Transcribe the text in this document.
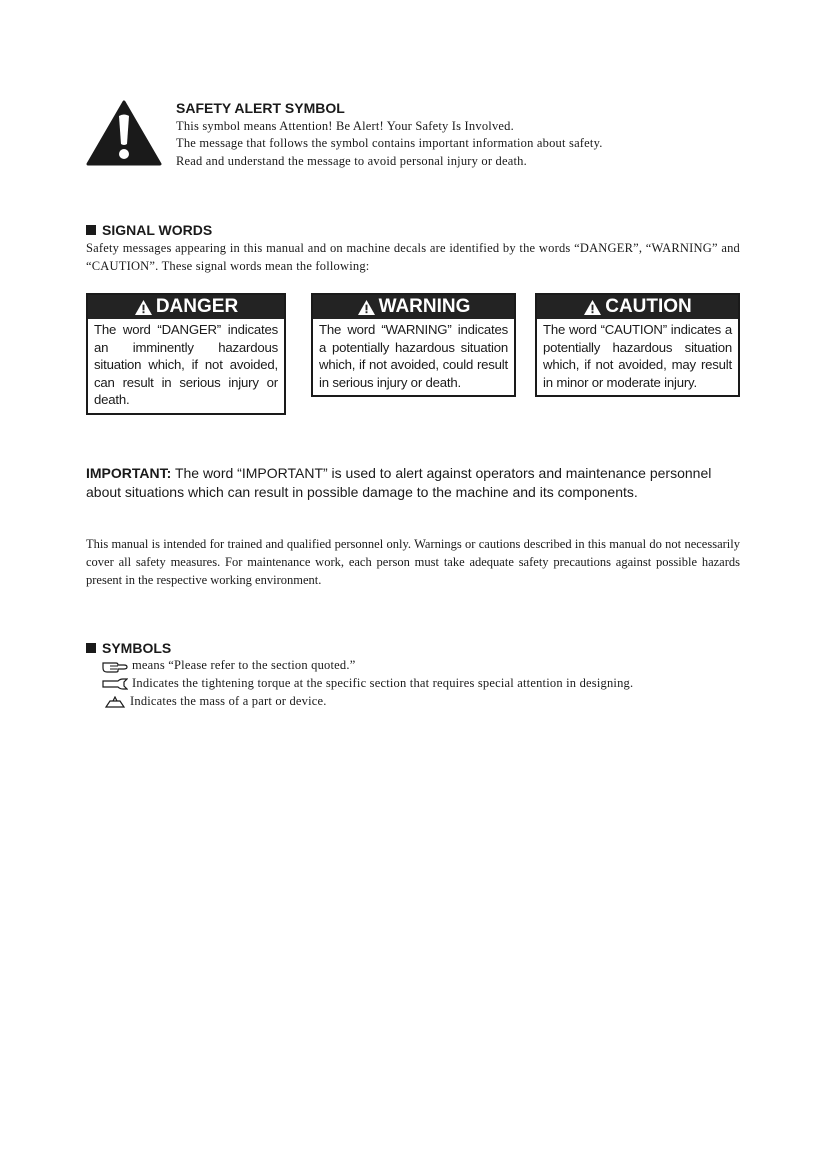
SAFETY ALERT SYMBOL
This symbol means Attention! Be Alert! Your Safety Is Involved.
The message that follows the symbol contains important information about safety.
Read and understand the message to avoid personal injury or death.
SIGNAL WORDS
Safety messages appearing in this manual and on machine decals are identified by the words “DANGER”, “WARNING” and “CAUTION”. These signal words mean the following:
DANGER
The word “DANGER” indicates an imminently hazardous situation which, if not avoided, can result in serious injury or death.
WARNING
The word “WARNING” indicates a potentially hazardous situation which, if not avoided, could result in serious injury or death.
CAUTION
The word “CAUTION” indicates a potentially hazardous situation which, if not avoided, may result in minor or moderate injury.
IMPORTANT: The word “IMPORTANT” is used to alert against operators and maintenance personnel about situations which can result in possible damage to the machine and its components.
This manual is intended for trained and qualified personnel only. Warnings or cautions described in this manual do not necessarily cover all safety measures. For maintenance work, each person must take adequate safety precautions against possible hazards present in the respective working environment.
SYMBOLS
means “Please refer to the section quoted.”
Indicates the tightening torque at the specific section that requires special attention in designing.
Indicates the mass of a part or device.
